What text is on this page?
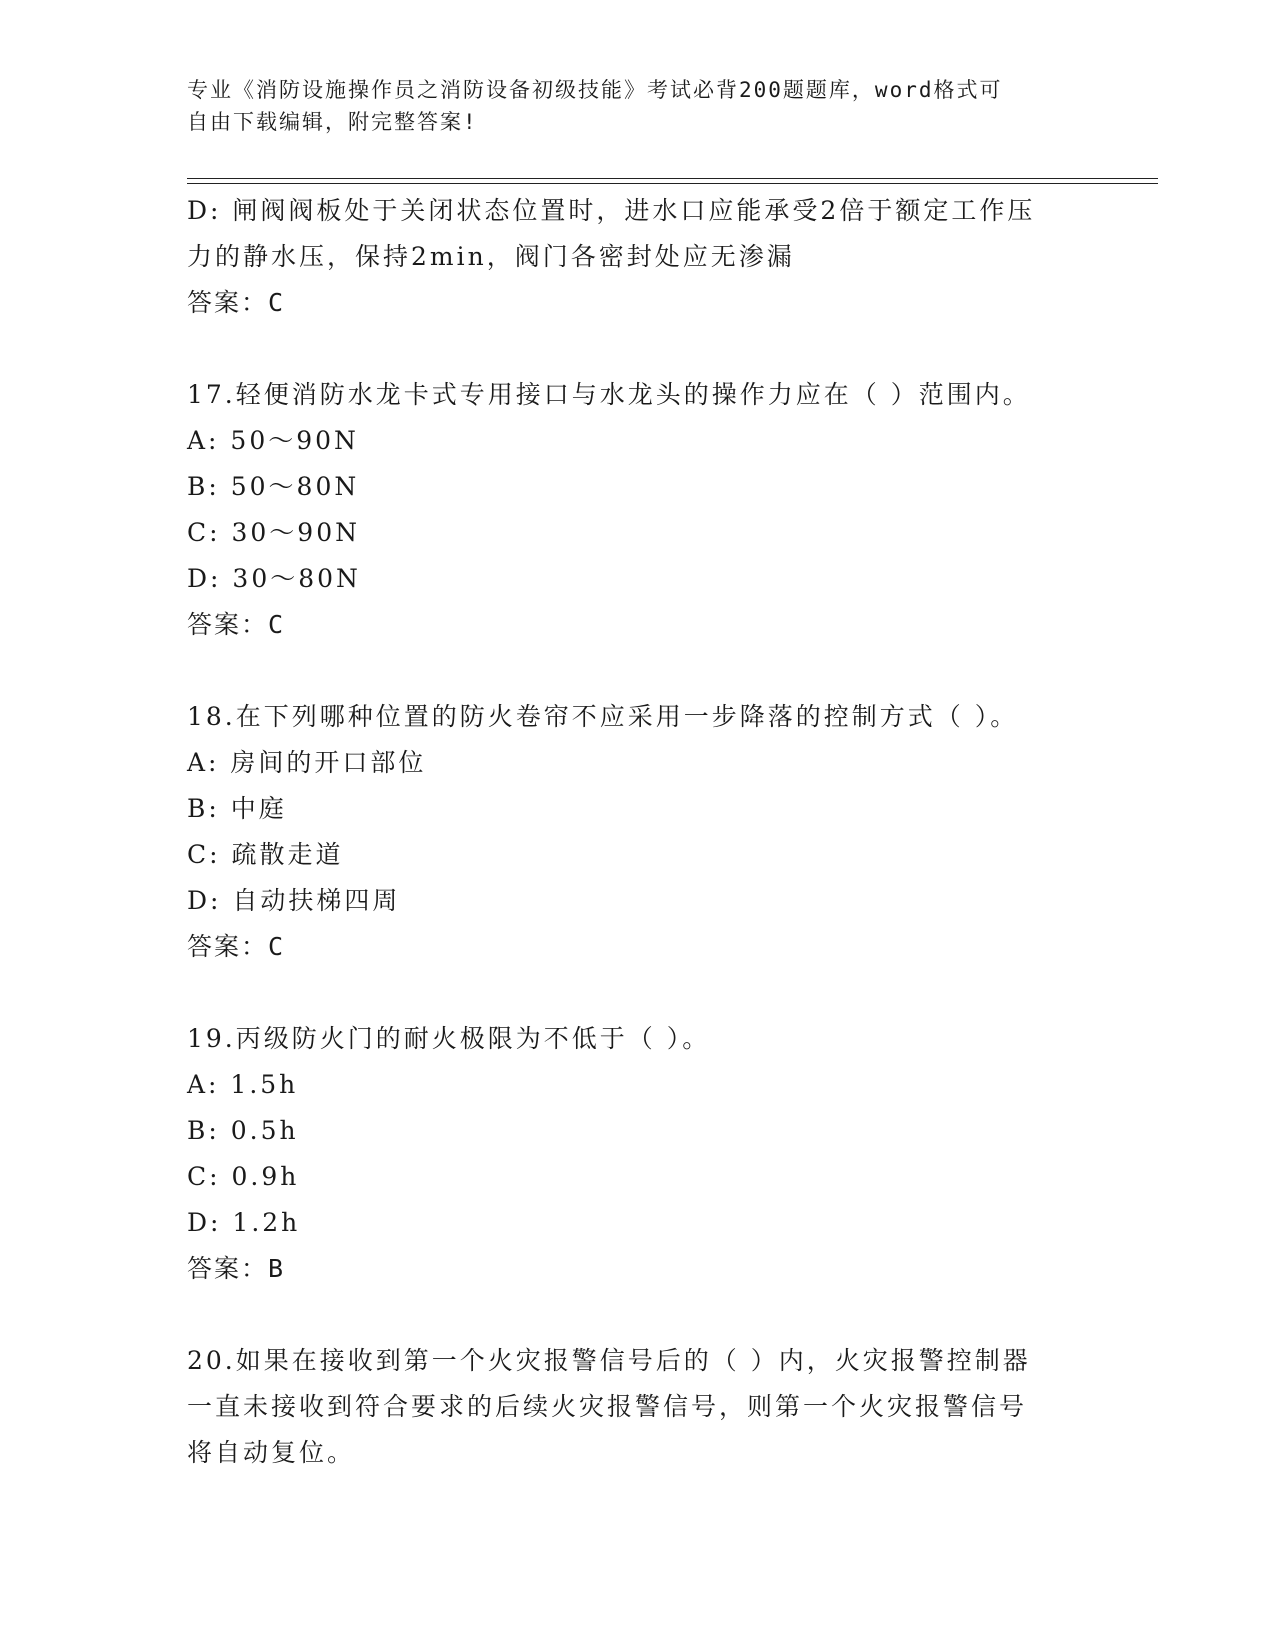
专业《消防设施操作员之消防设备初级技能》考试必背200题题库，word格式可
自由下载编辑，附完整答案!

D: 闸阀阀板处于关闭状态位置时，进水口应能承受2倍于额定工作压

力的静水压，保持2min，阀门各密封处应无渗漏

答案：C

17.轻便消防水龙卡式专用接口与水龙头的操作力应在（ ）范围内。

A: 50～90N

B: 50～80N

C: 30～90N

D: 30～80N

答案：C

18.在下列哪种位置的防火卷帘不应采用一步降落的控制方式（ ）。

A: 房间的开口部位

B: 中庭

C: 疏散走道

D: 自动扶梯四周

答案：C

19.丙级防火门的耐火极限为不低于（ ）。

A: 1.5h

B: 0.5h

C: 0.9h

D: 1.2h

答案：B

20.如果在接收到第一个火灾报警信号后的（ ）内，火灾报警控制器

一直未接收到符合要求的后续火灾报警信号，则第一个火灾报警信号

将自动复位。
